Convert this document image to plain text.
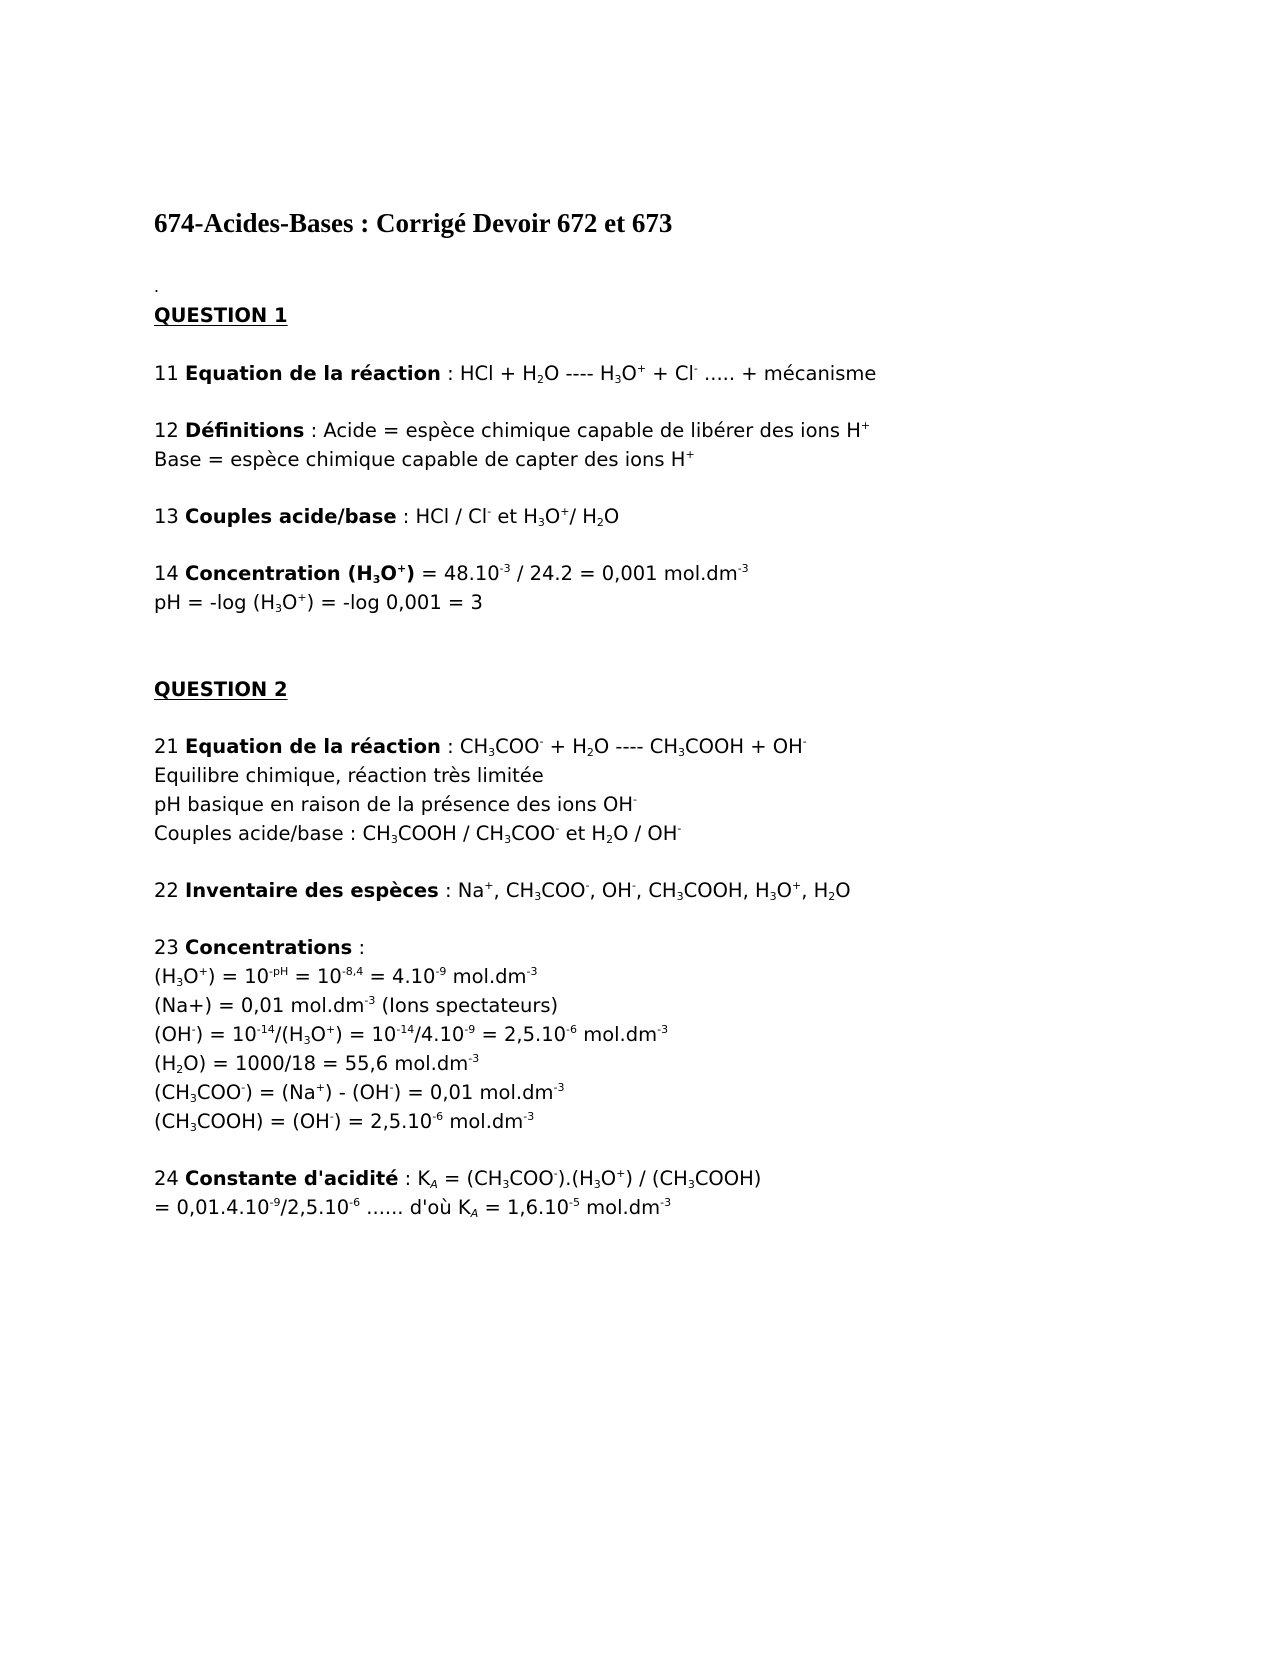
674-Acides-Bases : Corrigé Devoir 672 et 673
.
QUESTION 1
11 Equation de la réaction : HCl + $H_2O$ ---- $H_3O^+ + Cl^-$ ..... + mécanisme
12 Définitions : Acide = espèce chimique capable de libérer des ions H+
Base = espèce chimique capable de capter des ions H+
13 Couples acide/base : HCl / Cl- et $H_3O^+/$ $H_2O$
14 Concentration $(H_3O^+) = 48.10^{-3} / 24.2 = 0,001$ $mol.dm^{-3}$
pH = -log $(H_3O^+) = -\log$ 0,001 = 3
QUESTION 2
21 Equation de la réaction : $CH_3COO^- + H_2O$ ---- $CH_3COOH + OH^-$
Equilibre chimique, réaction très limitée
pH basique en raison de la présence des ions OH-
Couples acide/base : $CH_3COOH / CH_3COO^-$ et $H_2O / OH^-$
22 Inventaire des espèces : Na+, $CH_3COO^-$, OH-, $CH_3COOH$, $H_3O^+$, $H_2O$
23 Concentrations :
$(H_3O^+) = 10^{-pH} = 10^{-8,4} = 4.10^{-9}$ $mol.dm^{-3}$
(Na+) = 0,01 $mol.dm^{-3}$ (Ions spectateurs)
$(OH^-) = 10^{-14}/(H_3O^+) = 10^{-14}/4.10^{-9} = 2,5.10^{-6}$ $mol.dm^{-3}$
$(H_2O) = 1000/18 = 55,6$ $mol.dm^{-3}$
$(CH_3COO^-) = (Na^+) - (OH^-) = 0,01$ $mol.dm^{-3}$
$(CH_3COOH) = (OH^-) = 2,5.10^{-6}$ $mol.dm^{-3}$
24 Constante d'acidité : $K_A = (CH_3COO^-).(H_3O^+)$ / $(CH_3COOH)$
= $0,01.4.10^{-9}/2,5.10^{-6}$ ...... d'où $K_A = 1,6.10^{-5}$ $mol.dm^{-3}$
